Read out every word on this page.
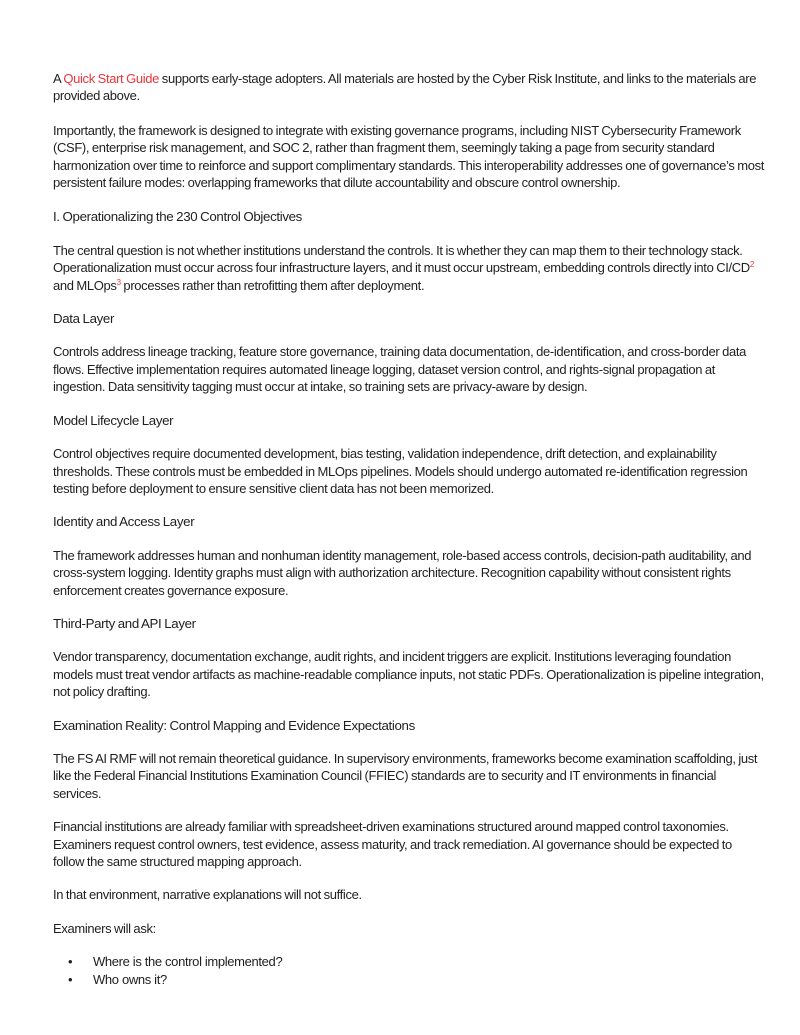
A Quick Start Guide supports early-stage adopters. All materials are hosted by the Cyber Risk Institute, and links to the materials are provided above.

Importantly, the framework is designed to integrate with existing governance programs, including NIST Cybersecurity Framework (CSF), enterprise risk management, and SOC 2, rather than fragment them, seemingly taking a page from security standard harmonization over time to reinforce and support complimentary standards. This interoperability addresses one of governance’s most persistent failure modes: overlapping frameworks that dilute accountability and obscure control ownership.

I. Operationalizing the 230 Control Objectives

The central question is not whether institutions understand the controls. It is whether they can map them to their technology stack. Operationalization must occur across four infrastructure layers, and it must occur upstream, embedding controls directly into $CI/CD^2$ and MLOps$^3$ processes rather than retrofitting them after deployment.

Data Layer

Controls address lineage tracking, feature store governance, training data documentation, de-identification, and cross-border data flows. Effective implementation requires automated lineage logging, dataset version control, and rights-signal propagation at ingestion. Data sensitivity tagging must occur at intake, so training sets are privacy-aware by design.

Model Lifecycle Layer

Control objectives require documented development, bias testing, validation independence, drift detection, and explainability thresholds. These controls must be embedded in MLOps pipelines. Models should undergo automated re-identification regression testing before deployment to ensure sensitive client data has not been memorized.

Identity and Access Layer

The framework addresses human and nonhuman identity management, role-based access controls, decision-path auditability, and cross-system logging. Identity graphs must align with authorization architecture. Recognition capability without consistent rights enforcement creates governance exposure.

Third-Party and API Layer

Vendor transparency, documentation exchange, audit rights, and incident triggers are explicit. Institutions leveraging foundation models must treat vendor artifacts as machine-readable compliance inputs, not static PDFs. Operationalization is pipeline integration, not policy drafting.

Examination Reality: Control Mapping and Evidence Expectations

The FS AI RMF will not remain theoretical guidance. In supervisory environments, frameworks become examination scaffolding, just like the Federal Financial Institutions Examination Council (FFIEC) standards are to security and IT environments in financial services.

Financial institutions are already familiar with spreadsheet-driven examinations structured around mapped control taxonomies. Examiners request control owners, test evidence, assess maturity, and track remediation. AI governance should be expected to follow the same structured mapping approach.

In that environment, narrative explanations will not suffice.

Examiners will ask:

• Where is the control implemented?
• Who owns it?
